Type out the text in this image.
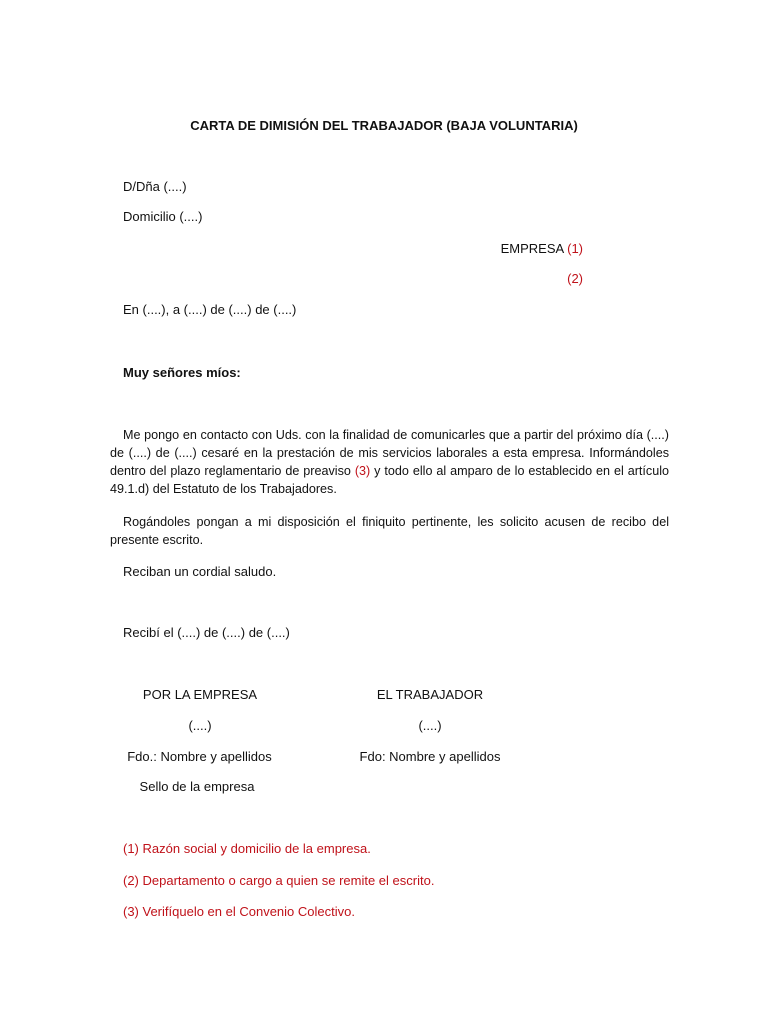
CARTA DE DIMISIÓN DEL TRABAJADOR (BAJA VOLUNTARIA)
D/Dña (....)
Domicilio (....)
EMPRESA (1)
(2)
En (....), a (....) de (....) de (....)
Muy señores míos:
Me pongo en contacto con Uds. con la finalidad de comunicarles que a partir del próximo día (....) de (....) de (....) cesaré en la prestación de mis servicios laborales a esta empresa. Informándoles dentro del plazo reglamentario de preaviso (3) y todo ello al amparo de lo establecido en el artículo 49.1.d) del Estatuto de los Trabajadores.
Rogándoles pongan a mi disposición el finiquito pertinente, les solicito acusen de recibo del presente escrito.
Reciban un cordial saludo.
Recibí el (....) de (....) de (....)
POR LA EMPRESA
(....)
Fdo.: Nombre y apellidos
Sello de la empresa
EL TRABAJADOR
(....)
Fdo: Nombre y apellidos
(1) Razón social y domicilio de la empresa.
(2) Departamento o cargo a quien se remite el escrito.
(3) Verifíquelo en el Convenio Colectivo.
